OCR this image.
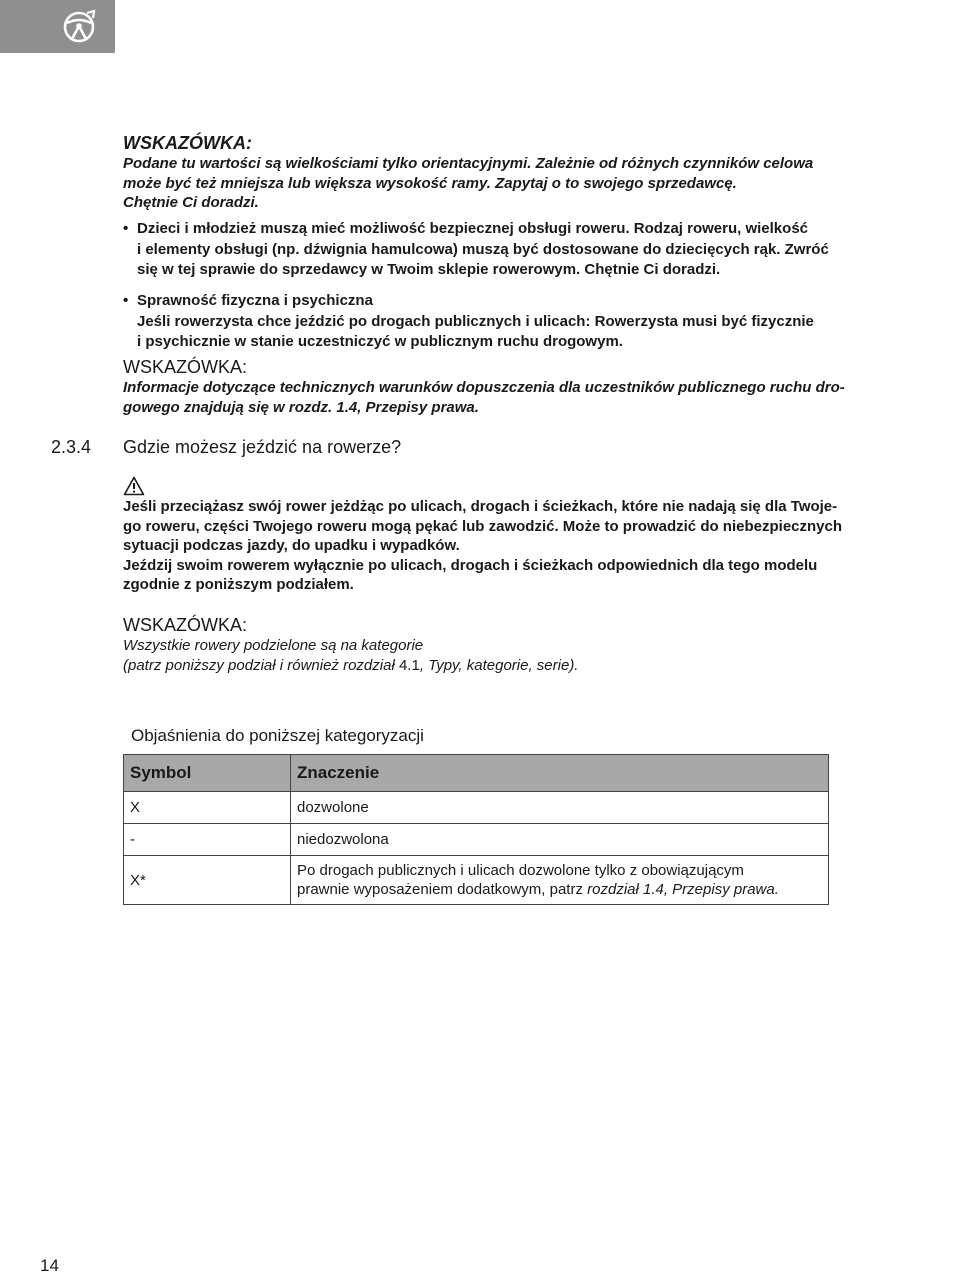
WSKAZÓWKA:
Podane tu wartości są wielkościami tylko orientacyjnymi. Zależnie od różnych czynników celowa
może być też mniejsza lub większa wysokość ramy. Zapytaj o to swojego sprzedawcę.
Chętnie Ci doradzi.
• Dzieci i młodzież muszą mieć możliwość bezpiecznej obsługi roweru. Rodzaj roweru, wielkość
i elementy obsługi (np. dźwignia hamulcowa) muszą być dostosowane do dziecięcych rąk. Zwróć
się w tej sprawie do sprzedawcy w Twoim sklepie rowerowym. Chętnie Ci doradzi.
• Sprawność fizyczna i psychiczna
Jeśli rowerzysta chce jeździć po drogach publicznych i ulicach: Rowerzysta musi być fizycznie
i psychicznie w stanie uczestniczyć w publicznym ruchu drogowym.
WSKAZÓWKA:
Informacje dotyczące technicznych warunków dopuszczenia dla uczestników publicznego ruchu dro-
gowego znajdują się w rozdz. 1.4, Przepisy prawa.
2.3.4 Gdzie możesz jeździć na rowerze?
Jeśli przeciążasz swój rower jeżdżąc po ulicach, drogach i ścieżkach, które nie nadają się dla Twoje-
go roweru, części Twojego roweru mogą pękać lub zawodzić. Może to prowadzić do niebezpiecznych
sytuacji podczas jazdy, do upadku i wypadków.
Jeździj swoim rowerem wyłącznie po ulicach, drogach i ścieżkach odpowiednich dla tego modelu
zgodnie z poniższym podziałem.
WSKAZÓWKA:
Wszystkie rowery podzielone są na kategorie
(patrz poniższy podział i również rozdział 4.1, Typy, kategorie, serie).
Objaśnienia do poniższej kategoryzacji
Symbol	Znaczenie
X	dozwolone
-	niedozwolona
X*	Po drogach publicznych i ulicach dozwolone tylko z obowiązującym
prawnie wyposażeniem dodatkowym, patrz rozdział 1.4, Przepisy prawa.
14
